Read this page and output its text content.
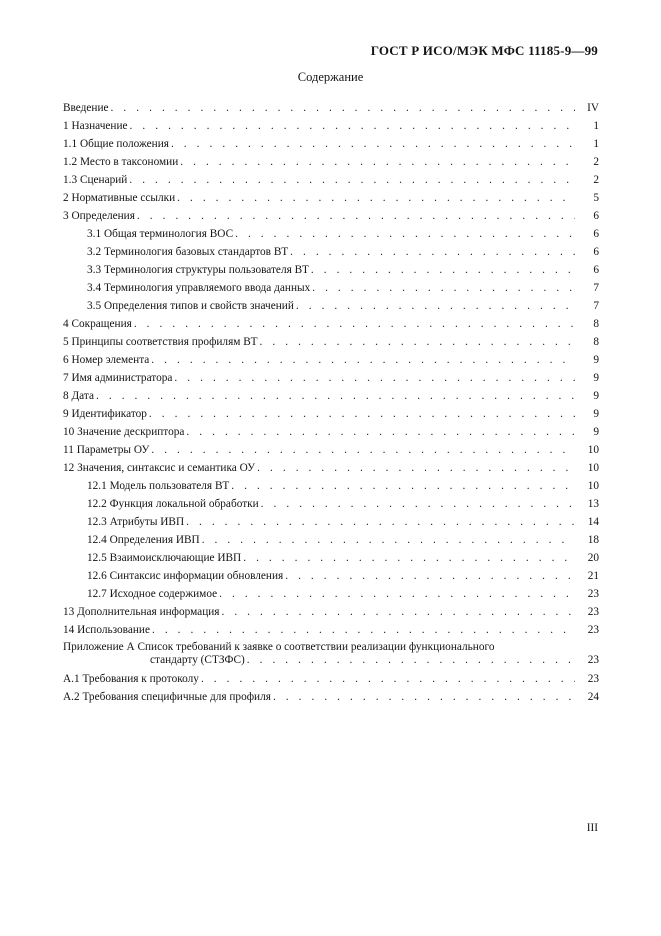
ГОСТ Р ИСО/МЭК МФС 11185-9—99
Содержание
Введение . . .	IV
1 Назначение . . .	1
1.1 Общие положения . . .	1
1.2 Место в таксономии . . .	2
1.3 Сценарий . . .	2
2 Нормативные ссылки . . .	5
3 Определения . . .	6
3.1 Общая терминология ВОС . . .	6
3.2 Терминология базовых стандартов ВТ . . .	6
3.3 Терминология структуры пользователя ВТ . . .	6
3.4 Терминология управляемого ввода данных . . .	7
3.5 Определения типов и свойств значений . . .	7
4 Сокращения . . .	8
5 Принципы соответствия профилям ВТ . . .	8
6 Номер элемента . . .	9
7 Имя администратора . . .	9
8 Дата . . .	9
9 Идентификатор . . .	9
10 Значение дескриптора . . .	9
11 Параметры ОУ . . .	10
12 Значения, синтаксис и семантика ОУ . . .	10
12.1 Модель пользователя ВТ . . .	10
12.2 Функция локальной обработки . . .	13
12.3 Атрибуты ИВП . . .	14
12.4 Определения ИВП . . .	18
12.5 Взаимоисключающие ИВП . . .	20
12.6 Синтаксис информации обновления . . .	21
12.7 Исходное содержимое . . .	23
13 Дополнительная информация . . .	23
14 Использование . . .	23
Приложение А Список требований к заявке о соответствии реализации функционального
стандарту (СТЗФС) . . .	23
А.1 Требования к протоколу . . .	23
А.2 Требования специфичные для профиля . . .	24
III
